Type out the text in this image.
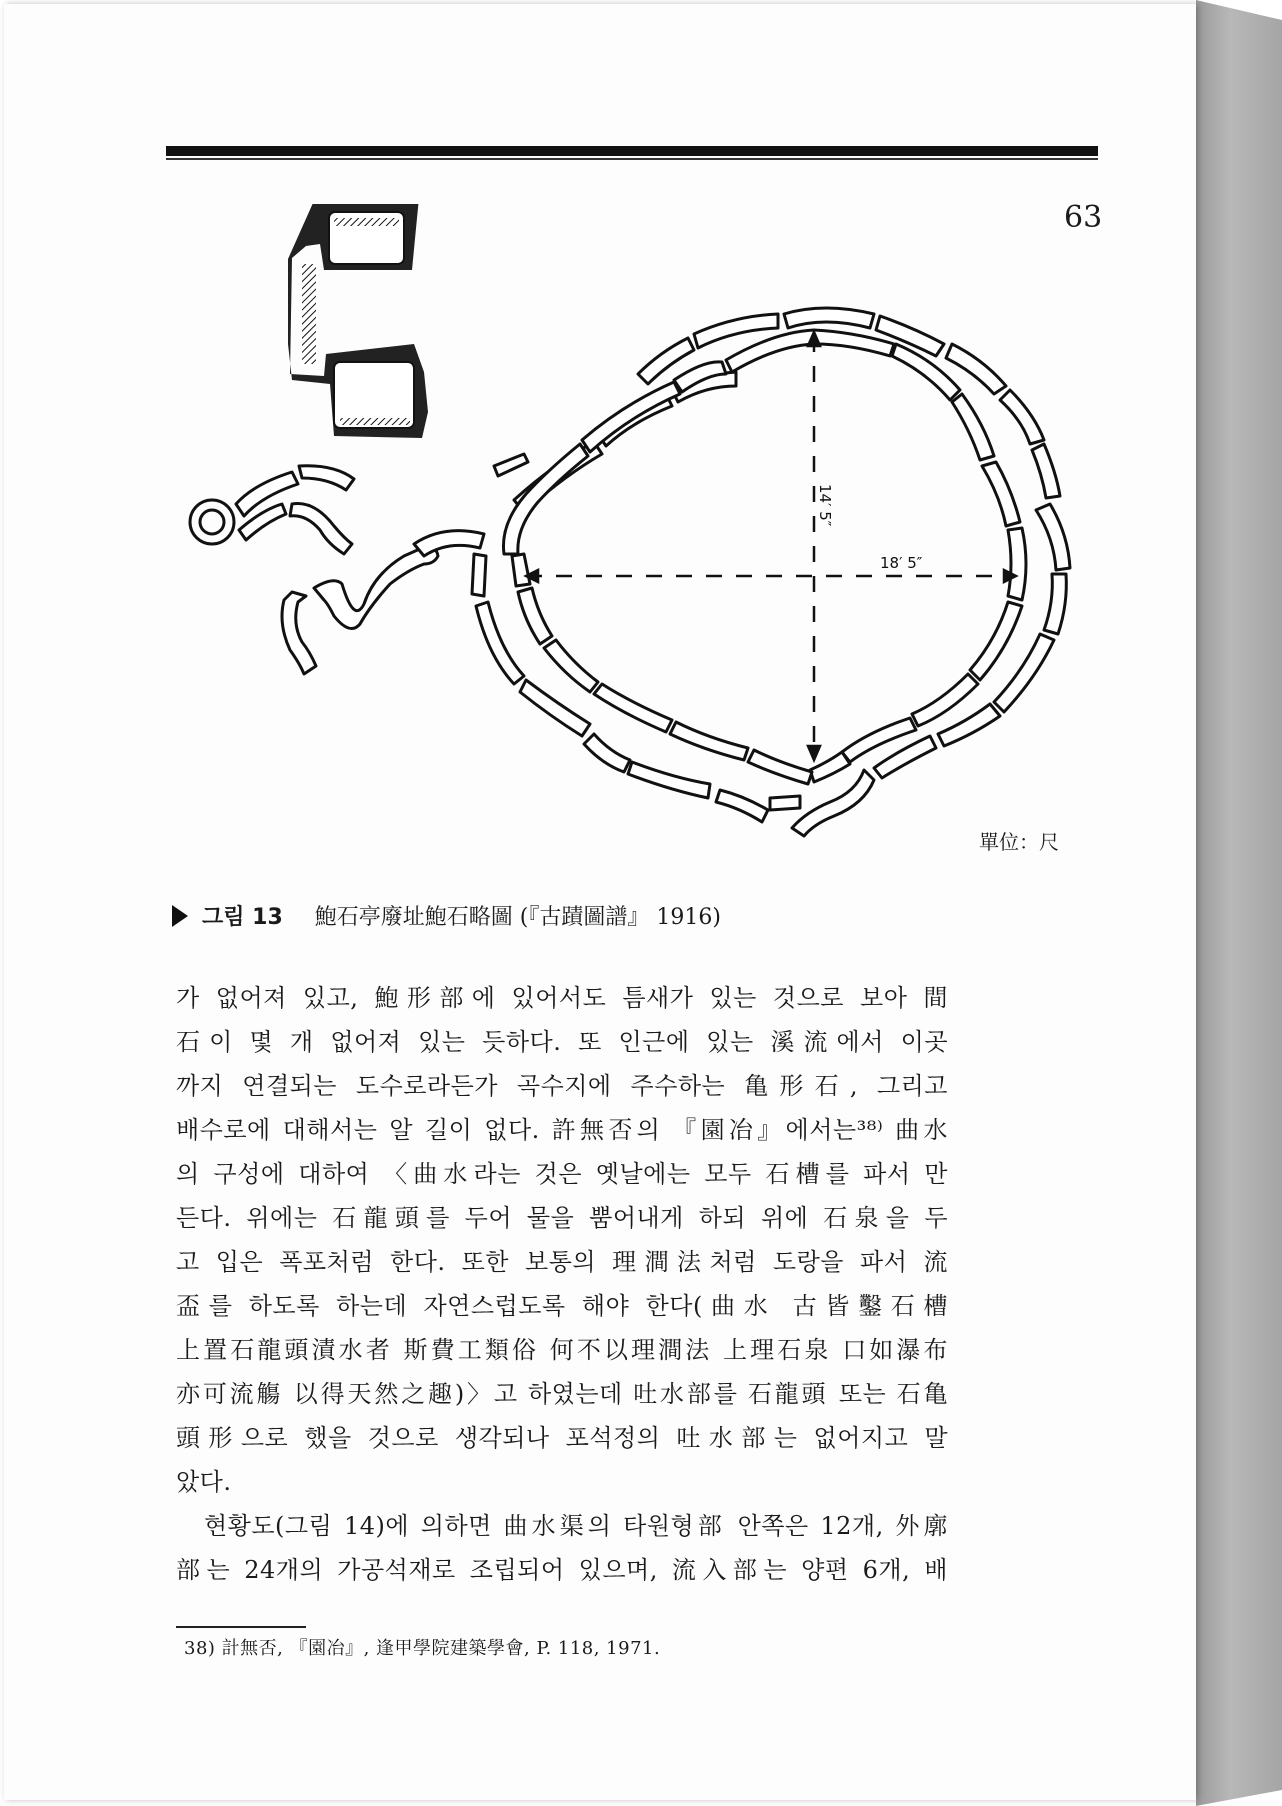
63
14′ 5″
18′ 5″
單位：尺
그림 13 鮑石亭廢址鮑石略圖 (『古蹟圖譜』 1916)

가 없어져 있고, 鮑形部에 있어서도 틈새가 있는 것으로 보아 間

石이 몇 개 없어져 있는 듯하다. 또 인근에 있는 溪流에서 이곳

까지 연결되는 도수로라든가 곡수지에 주수하는 亀形石, 그리고

배수로에 대해서는 알 길이 없다. 許無否의 『園冶』에서는³⁸⁾ 曲水

의 구성에 대하여 〈曲水라는 것은 옛날에는 모두 石槽를 파서 만

든다. 위에는 石龍頭를 두어 물을 뿜어내게 하되 위에 石泉을 두

고 입은 폭포처럼 한다. 또한 보통의 理澗法처럼 도랑을 파서 流

盃를 하도록 하는데 자연스럽도록 해야 한다(曲水 古皆鑿石槽

上置石龍頭漬水者 斯費工類俗 何不以理澗法 上理石泉 口如瀑布

亦可流觴 以得天然之趣)〉고 하였는데 吐水部를 石龍頭 또는 石亀

頭形으로 했을 것으로 생각되나 포석정의 吐水部는 없어지고 말

았다.

현황도(그림 14)에 의하면 曲水渠의 타원형部 안쪽은 12개, 外廓

部는 24개의 가공석재로 조립되어 있으며, 流入部는 양편 6개, 배

38) 計無否, 『園冶』, 逢甲學院建築學會, P. 118, 1971.
